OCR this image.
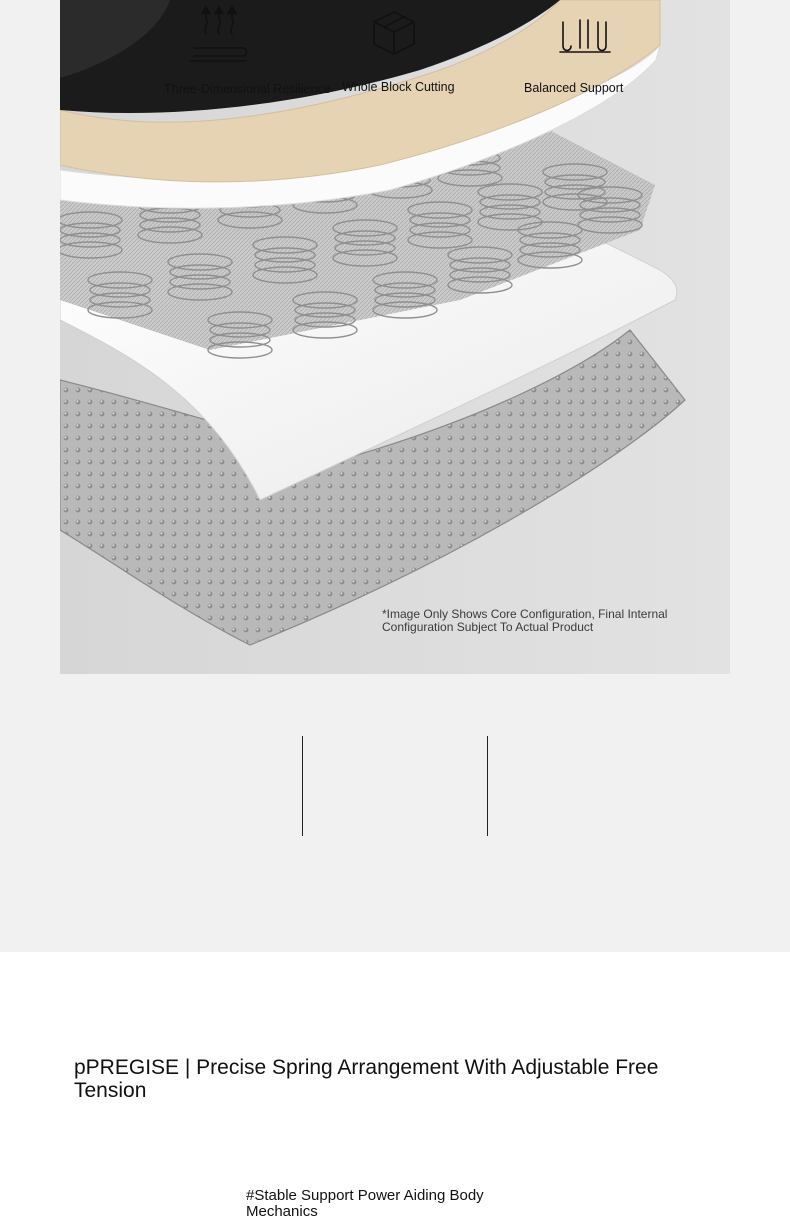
*Image Only Shows Core Configuration, Final Internal Configuration Subject To Actual Product
Three-Dimensional Resilience Whole Block Cutting	Balanced Support
pPREGISE | Precise Spring Arrangement With Adjustable Free Tension
#Stable Support Power Aiding Body Mechanics
